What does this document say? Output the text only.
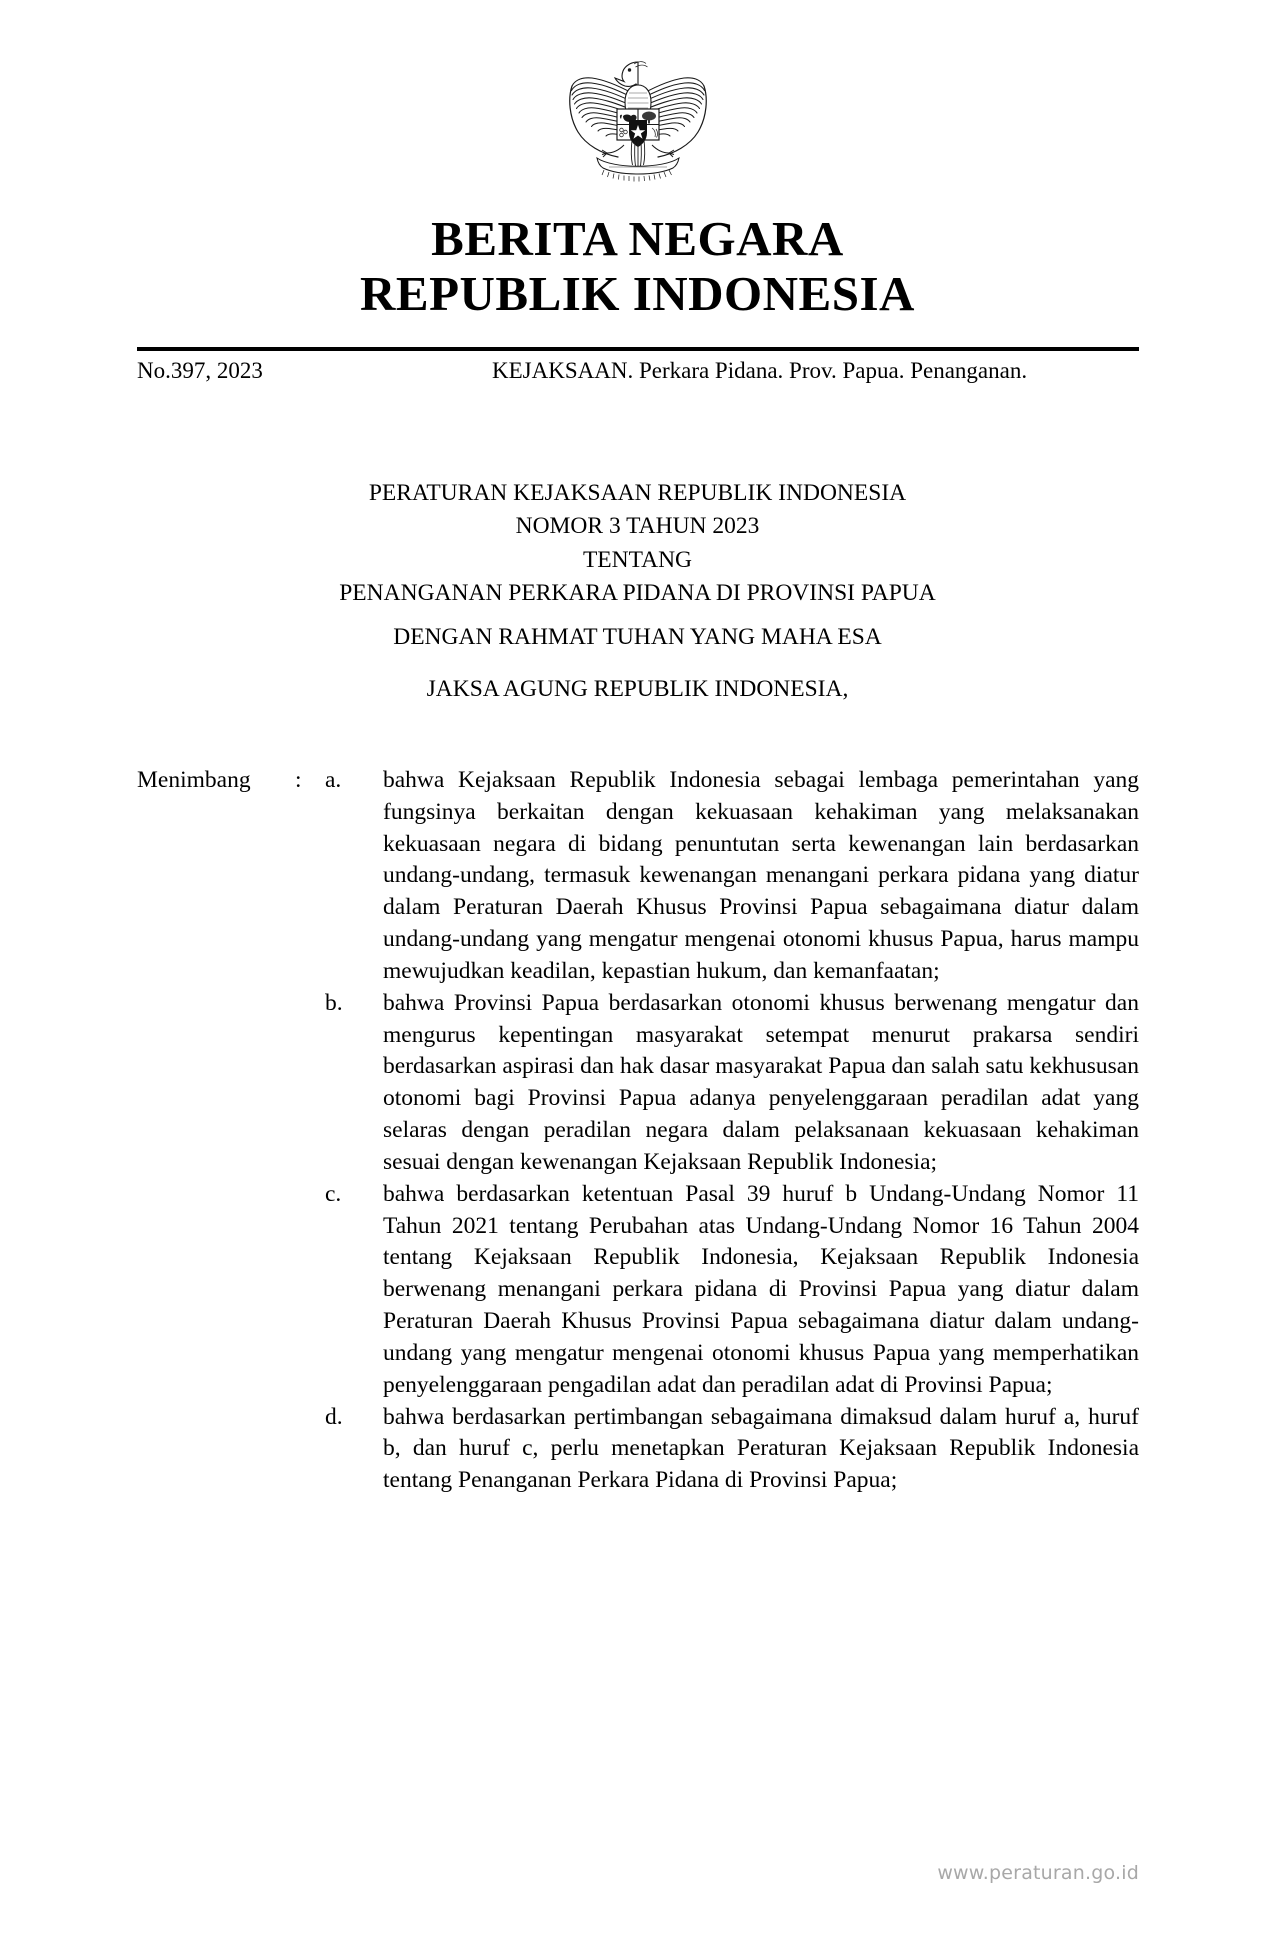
BERITA NEGARA
REPUBLIK INDONESIA
No.397, 2023	KEJAKSAAN. Perkara Pidana. Prov. Papua. Penanganan.
PERATURAN KEJAKSAAN REPUBLIK INDONESIA
NOMOR 3 TAHUN 2023
TENTANG
PENANGANAN PERKARA PIDANA DI PROVINSI PAPUA
DENGAN RAHMAT TUHAN YANG MAHA ESA
JAKSA AGUNG REPUBLIK INDONESIA,
Menimbang	: a.	bahwa Kejaksaan Republik Indonesia sebagai lembaga pemerintahan yang fungsinya berkaitan dengan kekuasaan kehakiman yang melaksanakan kekuasaan negara di bidang penuntutan serta kewenangan lain berdasarkan undang-undang, termasuk kewenangan menangani perkara pidana yang diatur dalam Peraturan Daerah Khusus Provinsi Papua sebagaimana diatur dalam undang-undang yang mengatur mengenai otonomi khusus Papua, harus mampu mewujudkan keadilan, kepastian hukum, dan kemanfaatan;
b.	bahwa Provinsi Papua berdasarkan otonomi khusus berwenang mengatur dan mengurus kepentingan masyarakat setempat menurut prakarsa sendiri berdasarkan aspirasi dan hak dasar masyarakat Papua dan salah satu kekhususan otonomi bagi Provinsi Papua adanya penyelenggaraan peradilan adat yang selaras dengan peradilan negara dalam pelaksanaan kekuasaan kehakiman sesuai dengan kewenangan Kejaksaan Republik Indonesia;
c.	bahwa berdasarkan ketentuan Pasal 39 huruf b Undang-Undang Nomor 11 Tahun 2021 tentang Perubahan atas Undang-Undang Nomor 16 Tahun 2004 tentang Kejaksaan Republik Indonesia, Kejaksaan Republik Indonesia berwenang menangani perkara pidana di Provinsi Papua yang diatur dalam Peraturan Daerah Khusus Provinsi Papua sebagaimana diatur dalam undang-undang yang mengatur mengenai otonomi khusus Papua yang memperhatikan penyelenggaraan pengadilan adat dan peradilan adat di Provinsi Papua;
d.	bahwa berdasarkan pertimbangan sebagaimana dimaksud dalam huruf a, huruf b, dan huruf c, perlu menetapkan Peraturan Kejaksaan Republik Indonesia tentang Penanganan Perkara Pidana di Provinsi Papua;
www.peraturan.go.id
